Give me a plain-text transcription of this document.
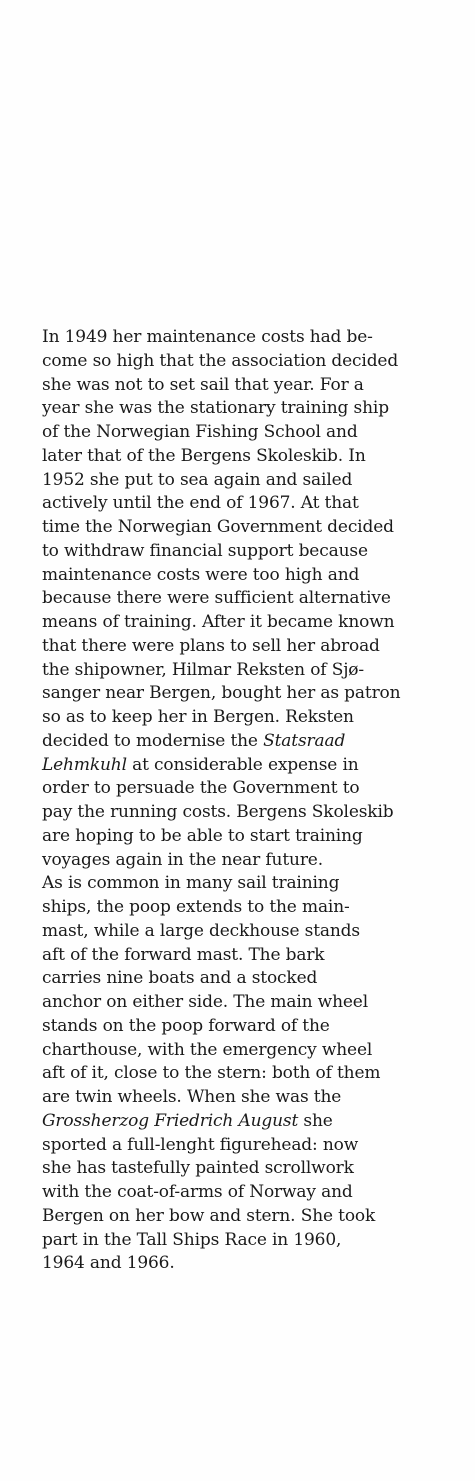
In 1949 her maintenance costs had be-
come so high that the association decided
she was not to set sail that year. For a
year she was the stationary training ship
of the Norwegian Fishing School and
later that of the Bergens Skoleskib. In
1952 she put to sea again and sailed
actively until the end of 1967. At that
time the Norwegian Government decided
to withdraw financial support because
maintenance costs were too high and
because there were sufficient alternative
means of training. After it became known
that there were plans to sell her abroad
the shipowner, Hilmar Reksten of Sjø-
sanger near Bergen, bought her as patron
so as to keep her in Bergen. Reksten
decided to modernise the Statsraad
Lehmkuhl at considerable expense in
order to persuade the Government to
pay the running costs. Bergens Skoleskib
are hoping to be able to start training
voyages again in the near future.
As is common in many sail training
ships, the poop extends to the main-
mast, while a large deckhouse stands
aft of the forward mast. The bark
carries nine boats and a stocked
anchor on either side. The main wheel
stands on the poop forward of the
charthouse, with the emergency wheel
aft of it, close to the stern: both of them
are twin wheels. When she was the
Grossherzog Friedrich August she
sported a full-lenght figurehead: now
she has tastefully painted scrollwork
with the coat-of-arms of Norway and
Bergen on her bow and stern. She took
part in the Tall Ships Race in 1960,
1964 and 1966.
